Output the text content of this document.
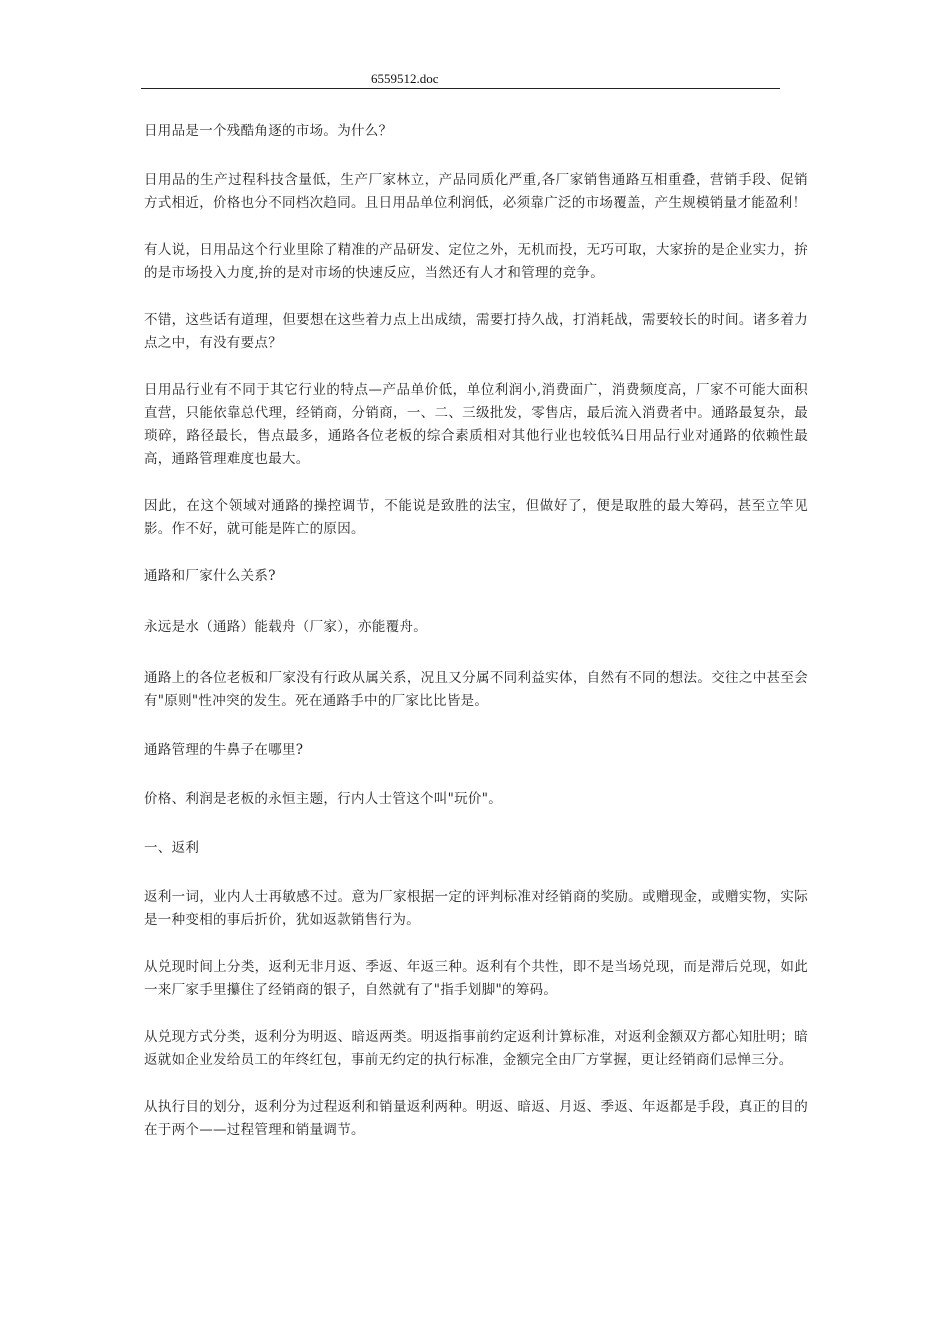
6559512.doc

日用品是一个残酷角逐的市场。为什么？

日用品的生产过程科技含量低，生产厂家林立，产品同质化严重,各厂家销售通路互相重叠，营销手段、促销方式相近，价格也分不同档次趋同。且日用品单位利润低，必须靠广泛的市场覆盖，产生规模销量才能盈利！

有人说，日用品这个行业里除了精准的产品研发、定位之外，无机而投，无巧可取，大家拚的是企业实力，拚的是市场投入力度,拚的是对市场的快速反应，当然还有人才和管理的竞争。

不错，这些话有道理，但要想在这些着力点上出成绩，需要打持久战，打消耗战，需要较长的时间。诸多着力点之中，有没有要点？

日用品行业有不同于其它行业的特点—产品单价低，单位利润小,消费面广，消费频度高，厂家不可能大面积直营，只能依靠总代理，经销商，分销商，一、二、三级批发，零售店，最后流入消费者中。通路最复杂，最琐碎，路径最长，售点最多，通路各位老板的综合素质相对其他行业也较低¾日用品行业对通路的依赖性最高，通路管理难度也最大。

因此，在这个领域对通路的操控调节，不能说是致胜的法宝，但做好了，便是取胜的最大筹码，甚至立竿见影。作不好，就可能是阵亡的原因。

通路和厂家什么关系?

永远是水（通路）能载舟（厂家），亦能覆舟。

通路上的各位老板和厂家没有行政从属关系，况且又分属不同利益实体，自然有不同的想法。交往之中甚至会有"原则"性冲突的发生。死在通路手中的厂家比比皆是。

通路管理的牛鼻子在哪里?

价格、利润是老板的永恒主题，行内人士管这个叫"玩价"。

一、返利

返利一词，业内人士再敏感不过。意为厂家根据一定的评判标准对经销商的奖励。或赠现金，或赠实物，实际是一种变相的事后折价，犹如返款销售行为。

从兑现时间上分类，返利无非月返、季返、年返三种。返利有个共性，即不是当场兑现，而是滞后兑现，如此一来厂家手里攥住了经销商的银子，自然就有了"指手划脚"的筹码。

从兑现方式分类，返利分为明返、暗返两类。明返指事前约定返利计算标准，对返利金额双方都心知肚明；暗返就如企业发给员工的年终红包，事前无约定的执行标准，金额完全由厂方掌握，更让经销商们忌惮三分。

从执行目的划分，返利分为过程返利和销量返利两种。明返、暗返、月返、季返、年返都是手段，真正的目的在于两个——过程管理和销量调节。
